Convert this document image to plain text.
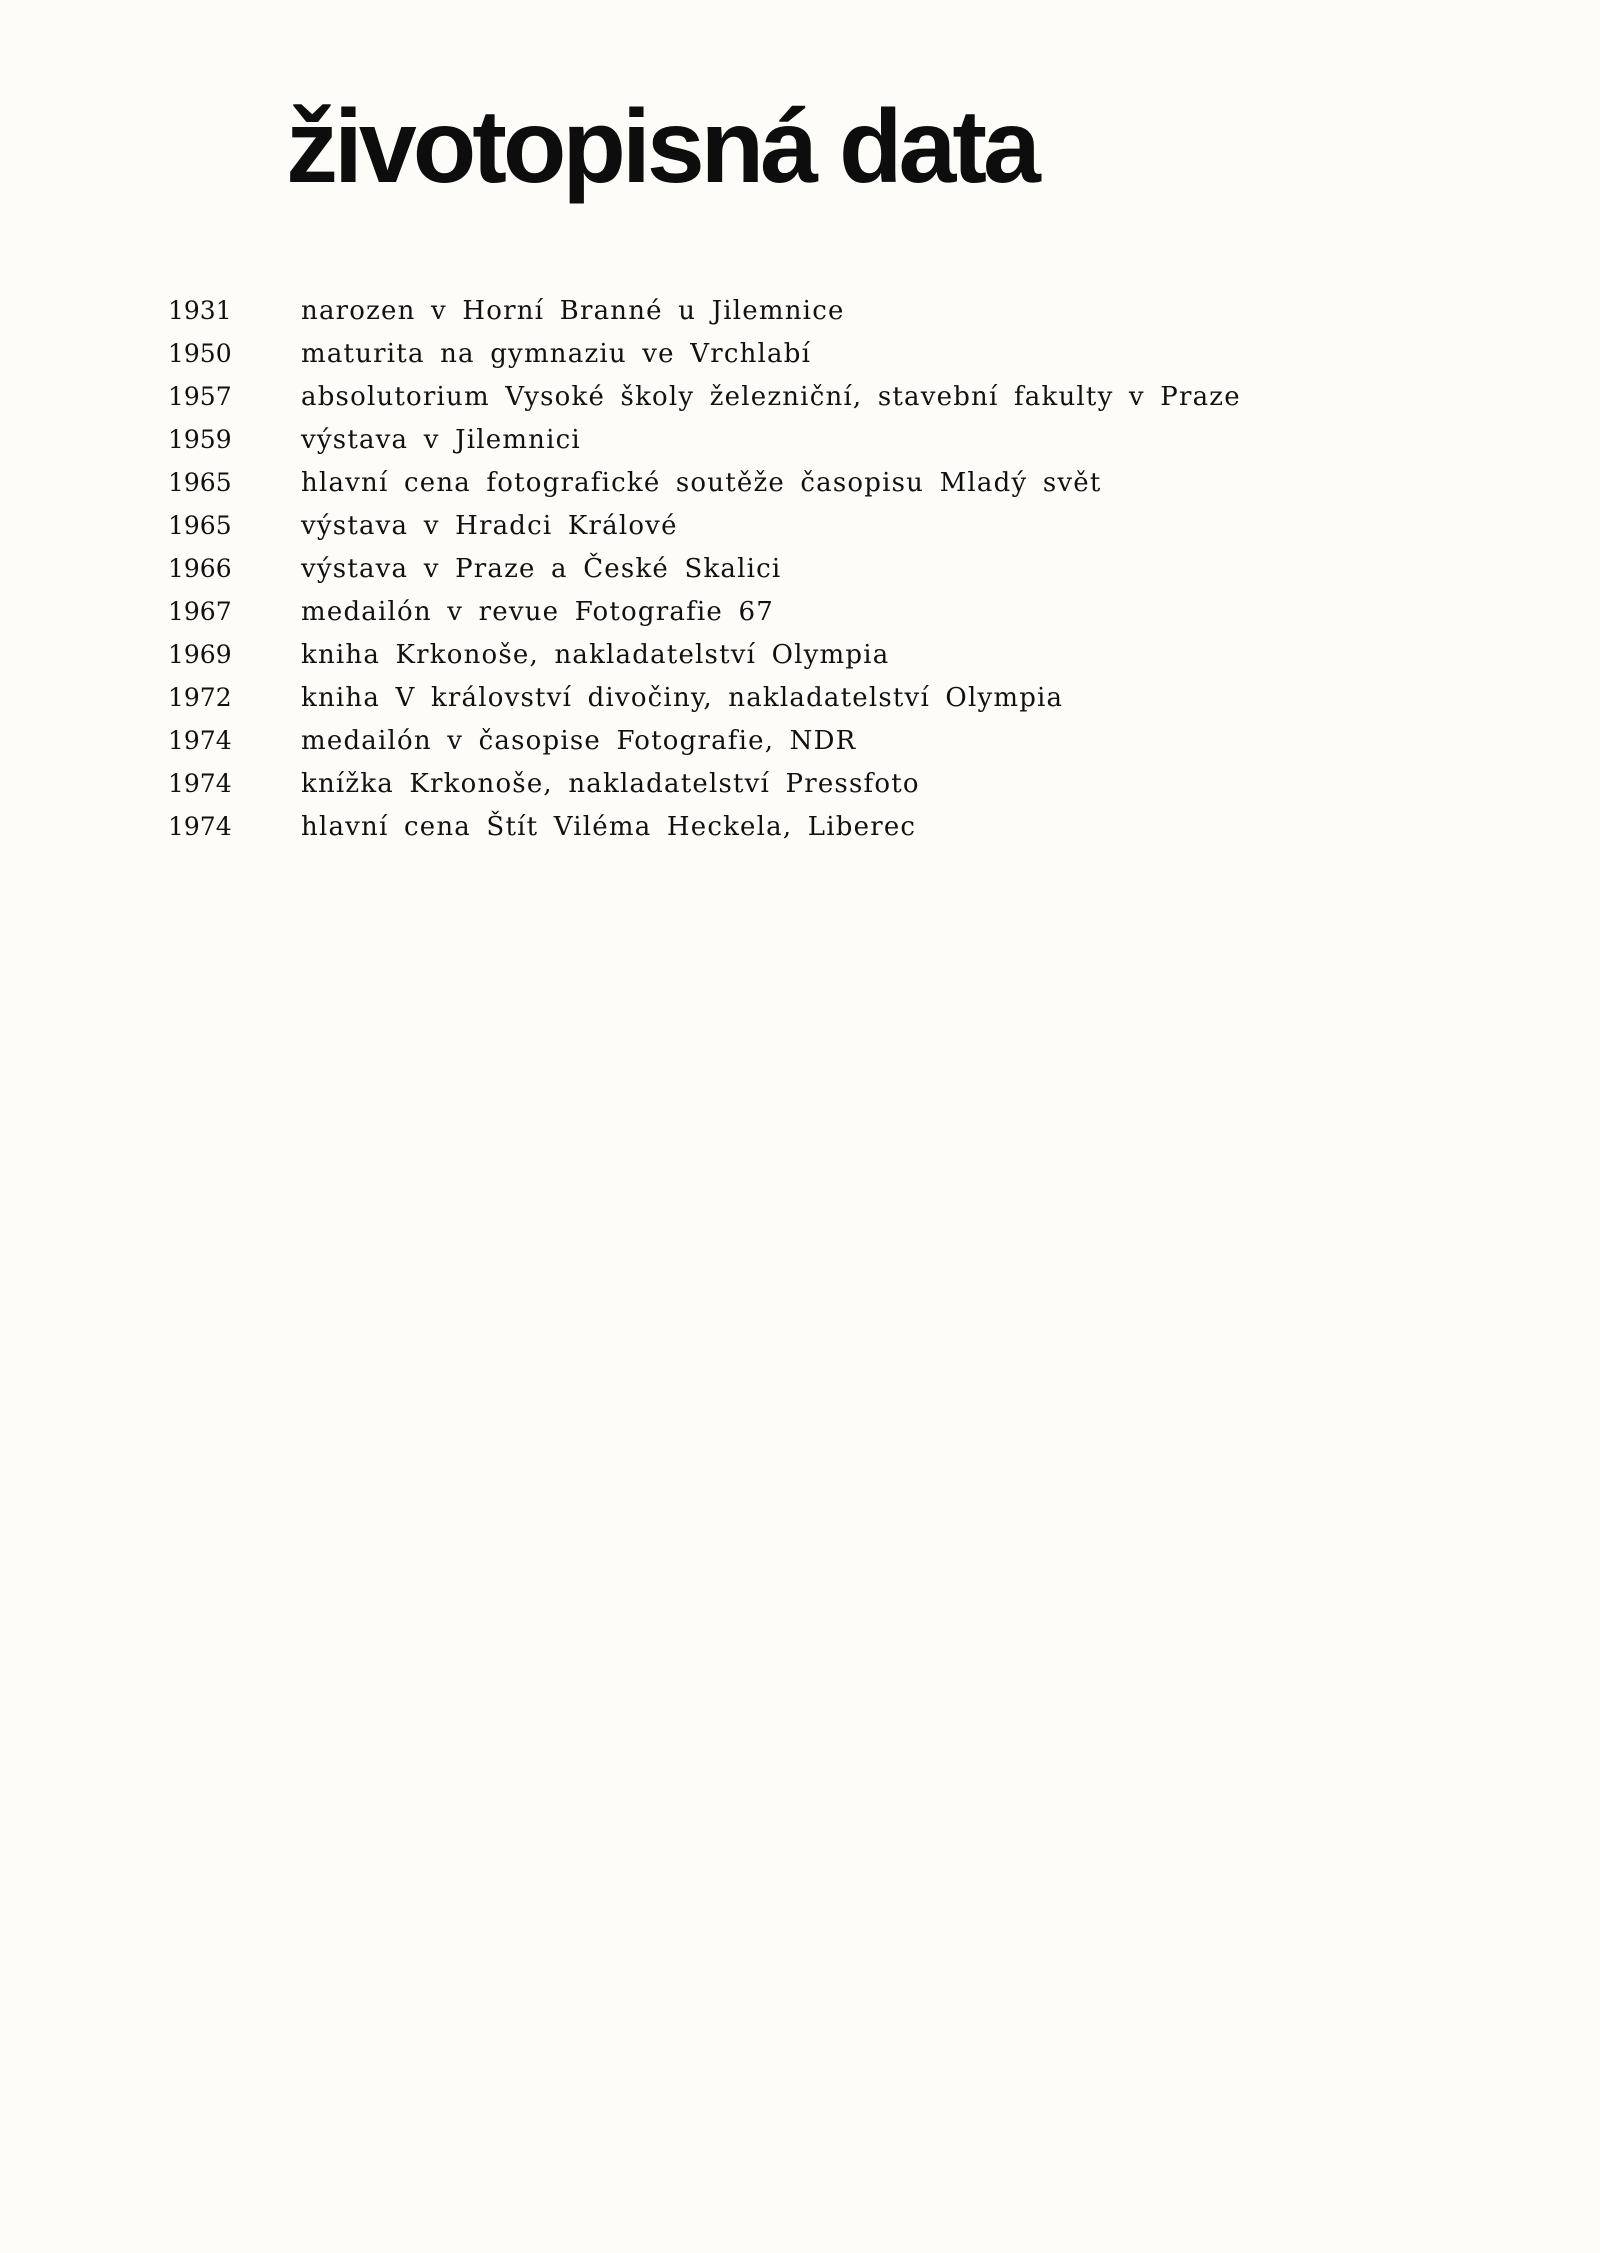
životopisná data
1931	narozen v Horní Branné u Jilemnice
1950	maturita na gymnaziu ve Vrchlabí
1957	absolutorium Vysoké školy železniční, stavební fakulty v Praze
1959	výstava v Jilemnici
1965	hlavní cena fotografické soutěže časopisu Mladý svět
1965	výstava v Hradci Králové
1966	výstava v Praze a České Skalici
1967	medailón v revue Fotografie 67
1969	kniha Krkonoše, nakladatelství Olympia
1972	kniha V království divočiny, nakladatelství Olympia
1974	medailón v časopise Fotografie, NDR
1974	knížka Krkonoše, nakladatelství Pressfoto
1974	hlavní cena Štít Viléma Heckela, Liberec
